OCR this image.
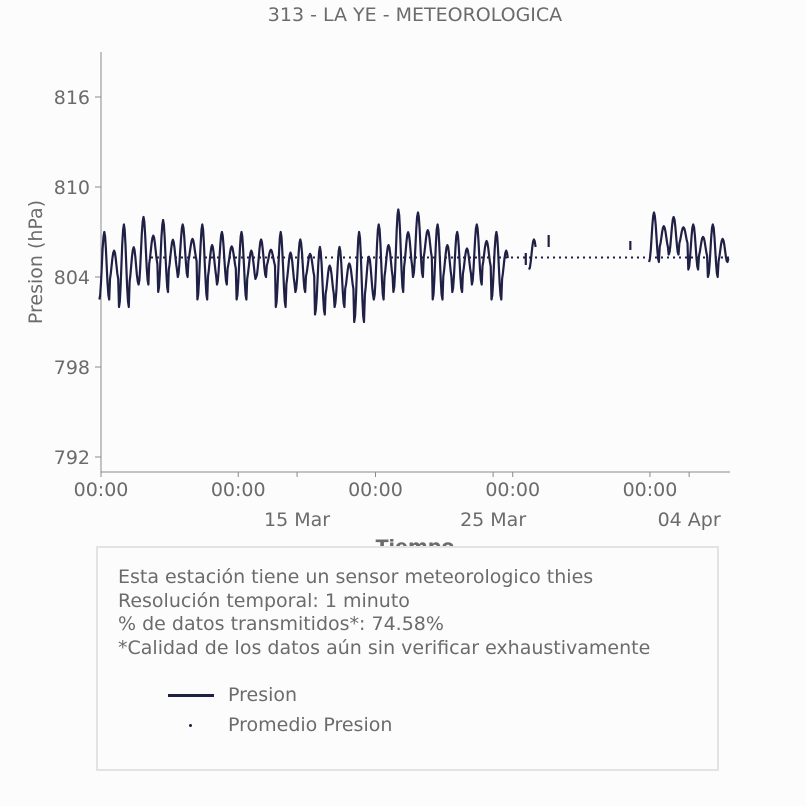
313 - LA YE - METEOROLOGICA
792
798
804
810
816
00:00	00:00	00:00	00:00	00:00
15 Mar	25 Mar	04 Apr
Presion (hPa)
Esta estación tiene un sensor meteorologico thies
Resolución temporal: 1 minuto
% de datos transmitidos*: 74.58%
*Calidad de los datos aún sin verificar exhaustivamente
Presion
Promedio Presion
